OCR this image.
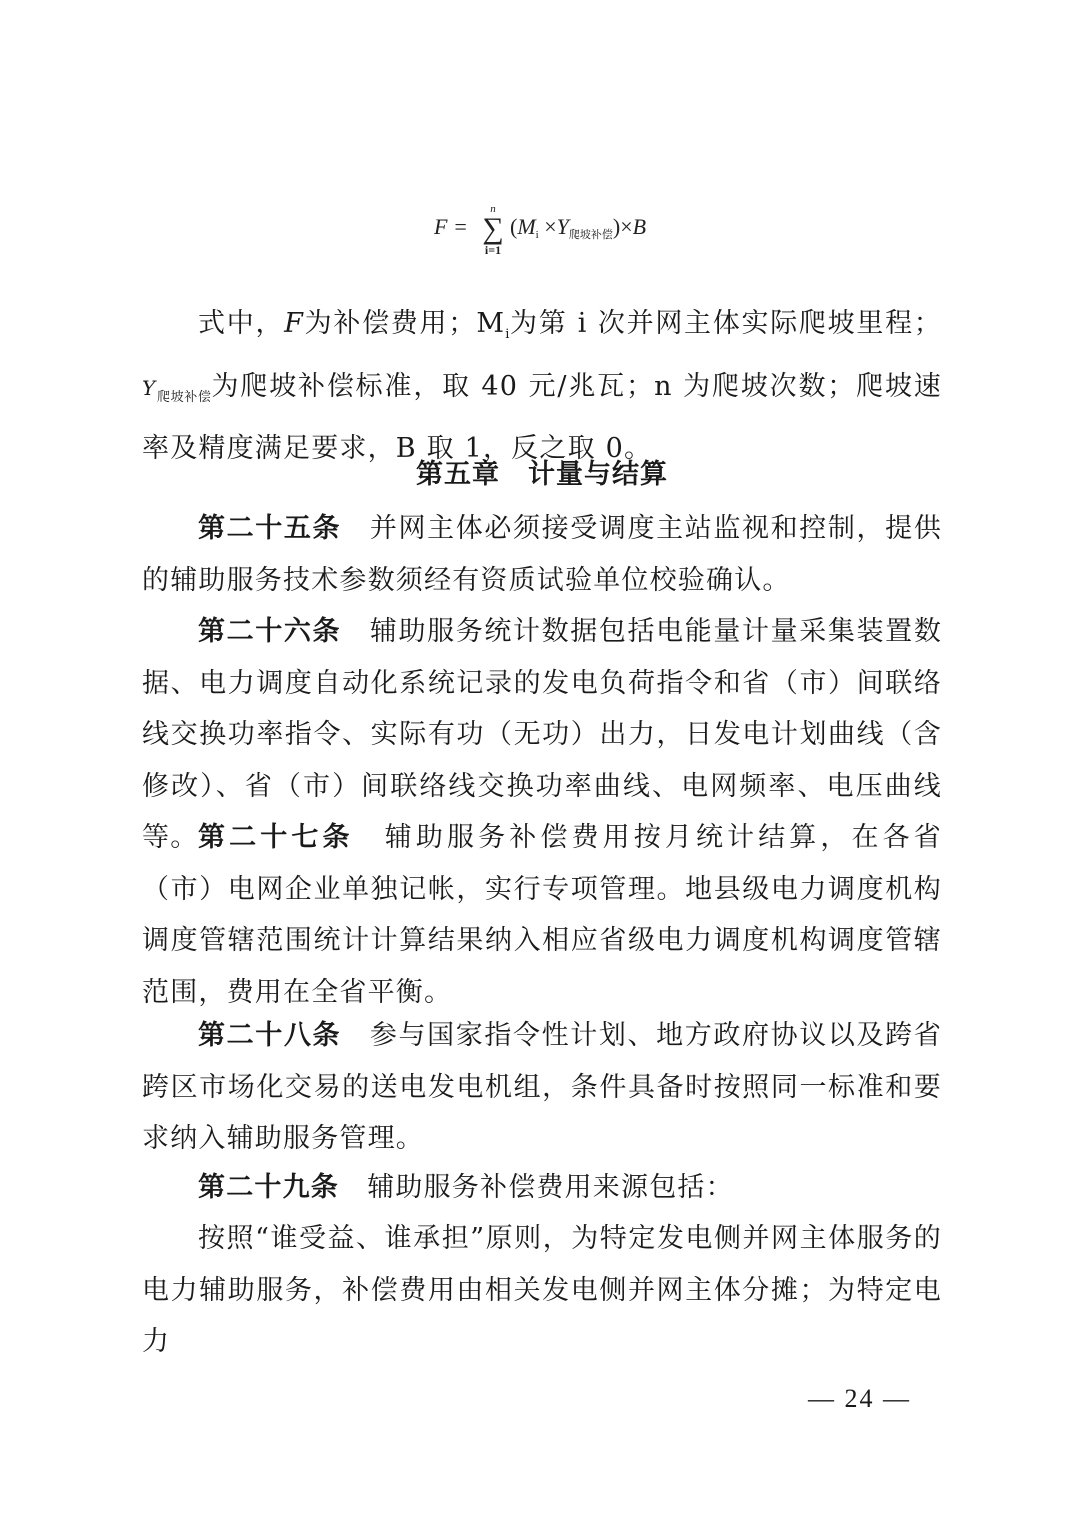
F =
n
∑
i=1
$(M_i \times Y_{爬坡补偿})\times B$

式中，F为补偿费用；$M_i$为第 i 次并网主体实际爬坡里程；$Y_{爬坡补偿}$为爬坡补偿标准，取 40 元/兆瓦；n 为爬坡次数；爬坡速率及精度满足要求，B 取 1，反之取 0。

第五章 计量与结算

第二十五条　 并网主体必须接受调度主站监视和控制，提供的辅助服务技术参数须经有资质试验单位校验确认。

第二十六条　 辅助服务统计数据包括电能量计量采集装置数据、电力调度自动化系统记录的发电负荷指令和省（市）间联络线交换功率指令、实际有功（无功）出力，日发电计划曲线（含修改）、省（市）间联络线交换功率曲线、电网频率、电压曲线等。 第二十七条　 辅助服务补偿费用按月统计结算，在各省（市）电网企业单独记帐，实行专项管理。地县级电力调度机构调度管辖范围统计计算结果纳入相应省级电力调度机构调度管辖范围，费用在全省平衡。

第二十八条　 参与国家指令性计划、地方政府协议以及跨省跨区市场化交易的送电发电机组，条件具备时按照同一标准和要求纳入辅助服务管理。

第二十九条　 辅助服务补偿费用来源包括：

按照“谁受益、谁承担”原则，为特定发电侧并网主体服务的电力辅助服务，补偿费用由相关发电侧并网主体分摊；为特定电力

— 24 —
